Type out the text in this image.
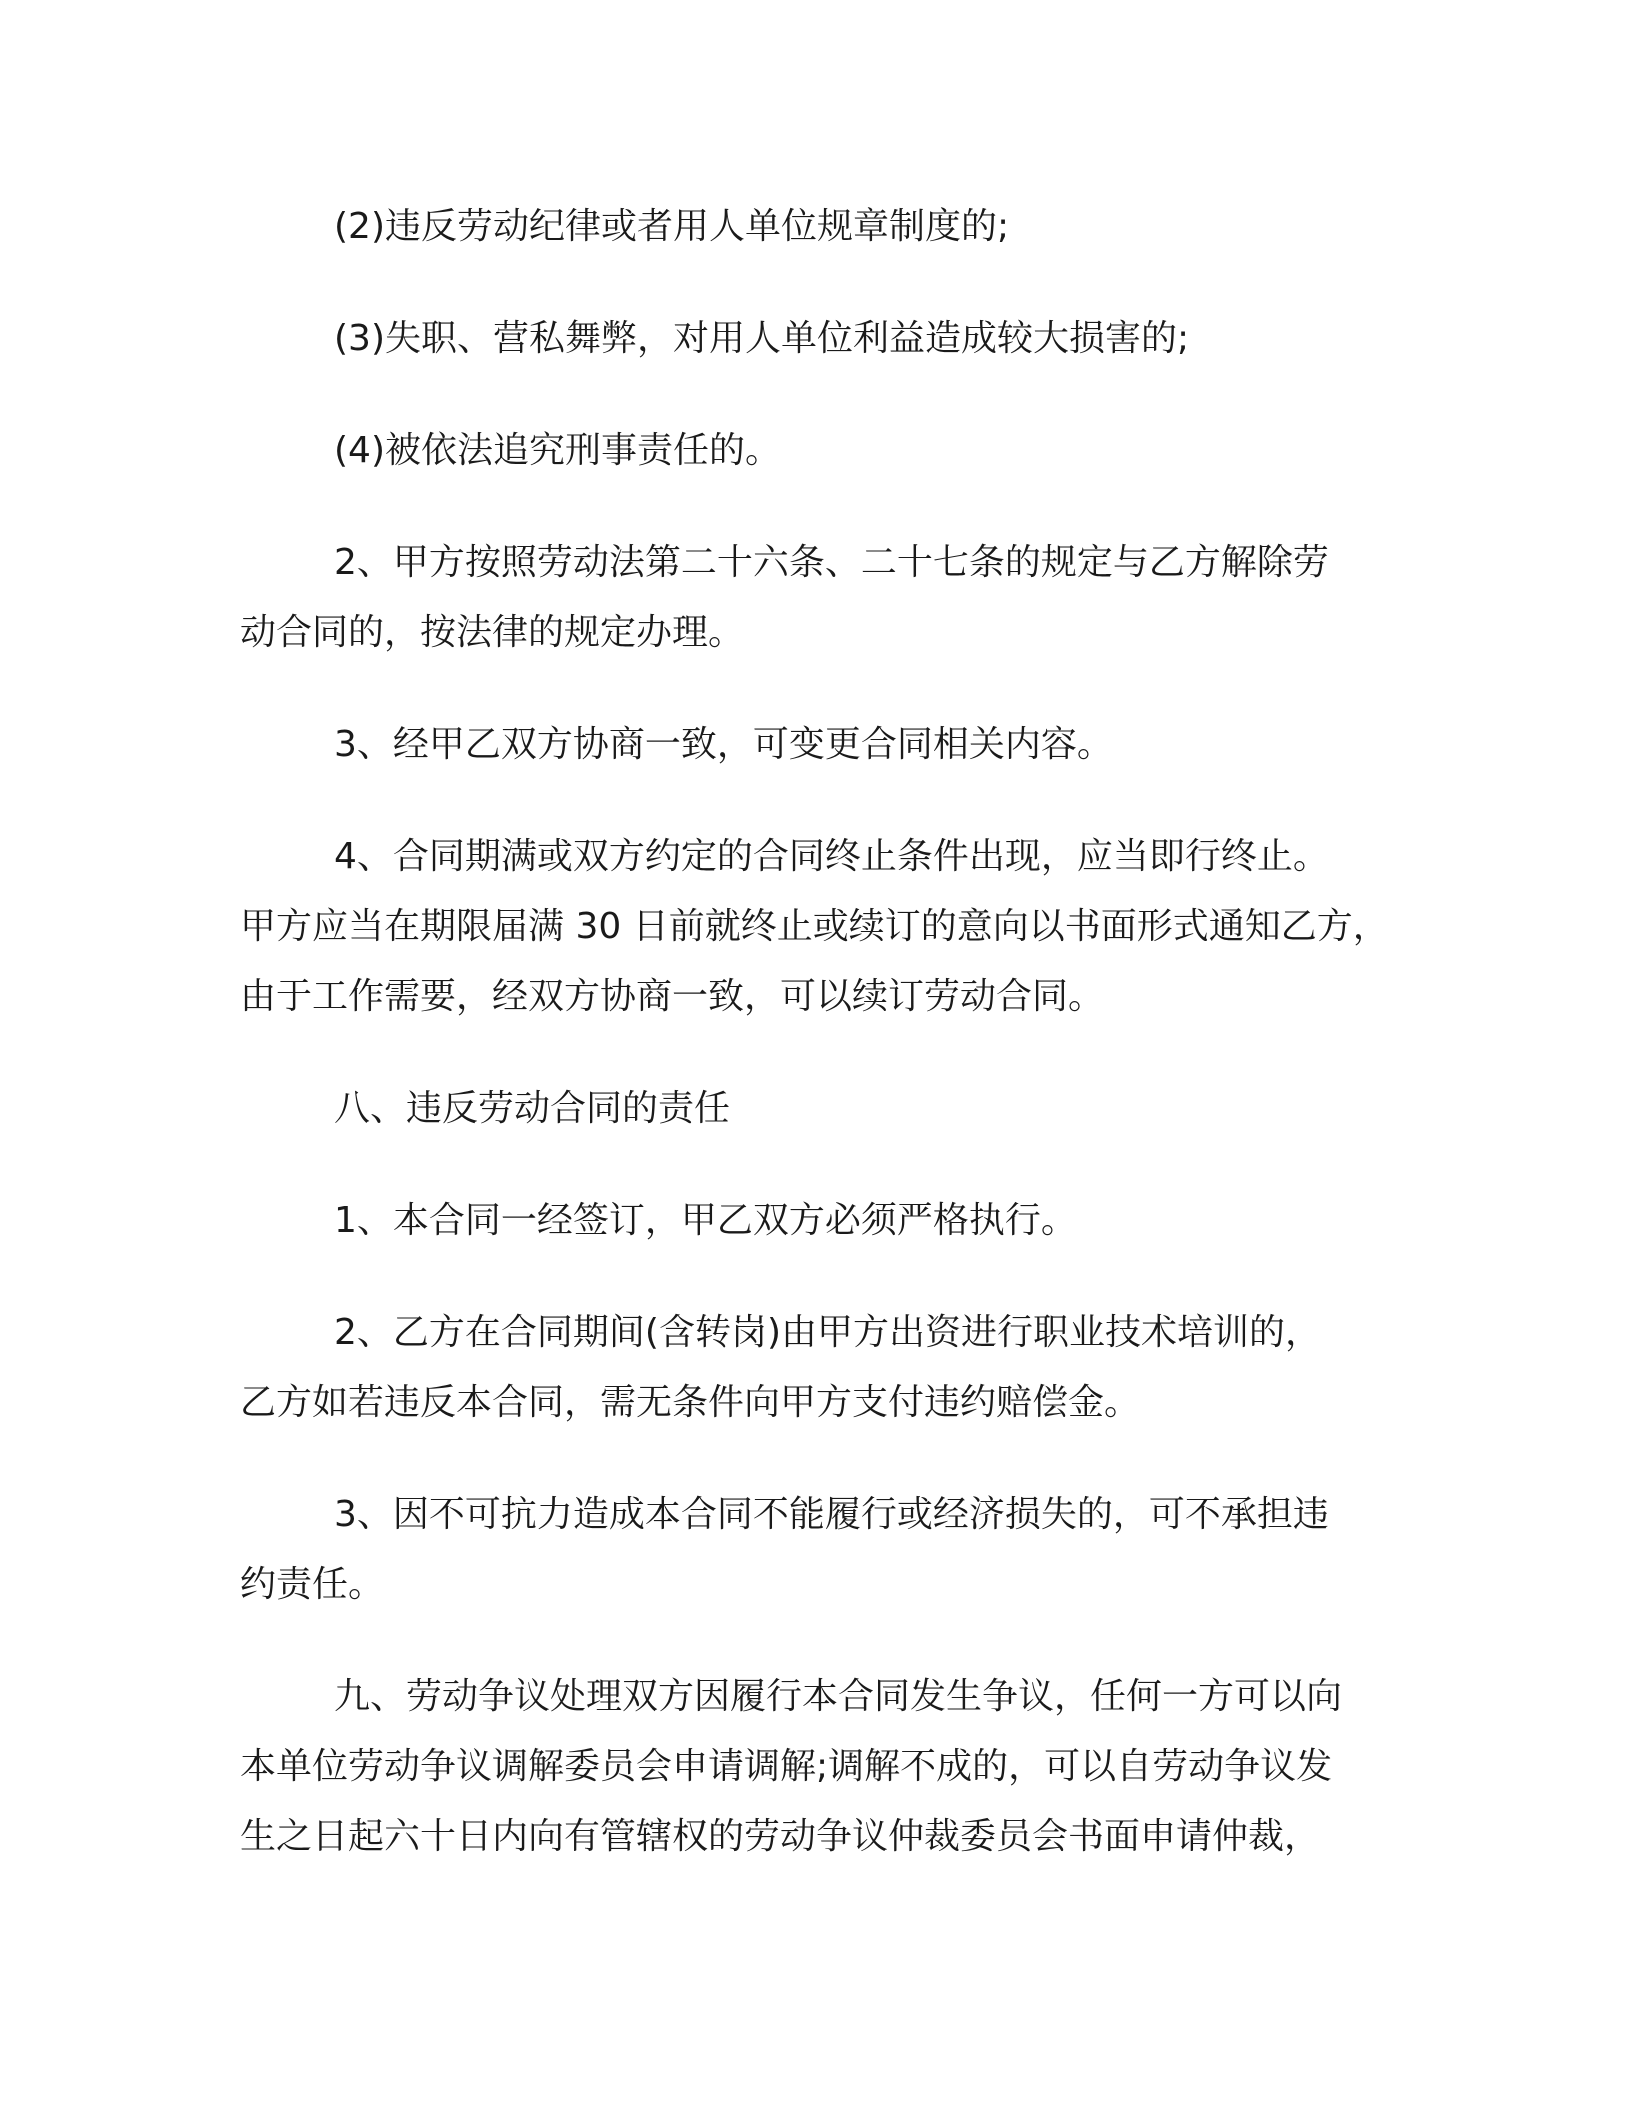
(2)违反劳动纪律或者用人单位规章制度的;

(3)失职、营私舞弊，对用人单位利益造成较大损害的;

(4)被依法追究刑事责任的。

2、甲方按照劳动法第二十六条、二十七条的规定与乙方解除劳
动合同的，按法律的规定办理。

3、经甲乙双方协商一致，可变更合同相关内容。

4、合同期满或双方约定的合同终止条件出现，应当即行终止。
甲方应当在期限届满 30 日前就终止或续订的意向以书面形式通知乙方，
由于工作需要，经双方协商一致，可以续订劳动合同。

八、违反劳动合同的责任

1、本合同一经签订，甲乙双方必须严格执行。

2、乙方在合同期间(含转岗)由甲方出资进行职业技术培训的，
乙方如若违反本合同，需无条件向甲方支付违约赔偿金。

3、因不可抗力造成本合同不能履行或经济损失的，可不承担违
约责任。

九、劳动争议处理双方因履行本合同发生争议，任何一方可以向
本单位劳动争议调解委员会申请调解;调解不成的，可以自劳动争议发
生之日起六十日内向有管辖权的劳动争议仲裁委员会书面申请仲裁，
